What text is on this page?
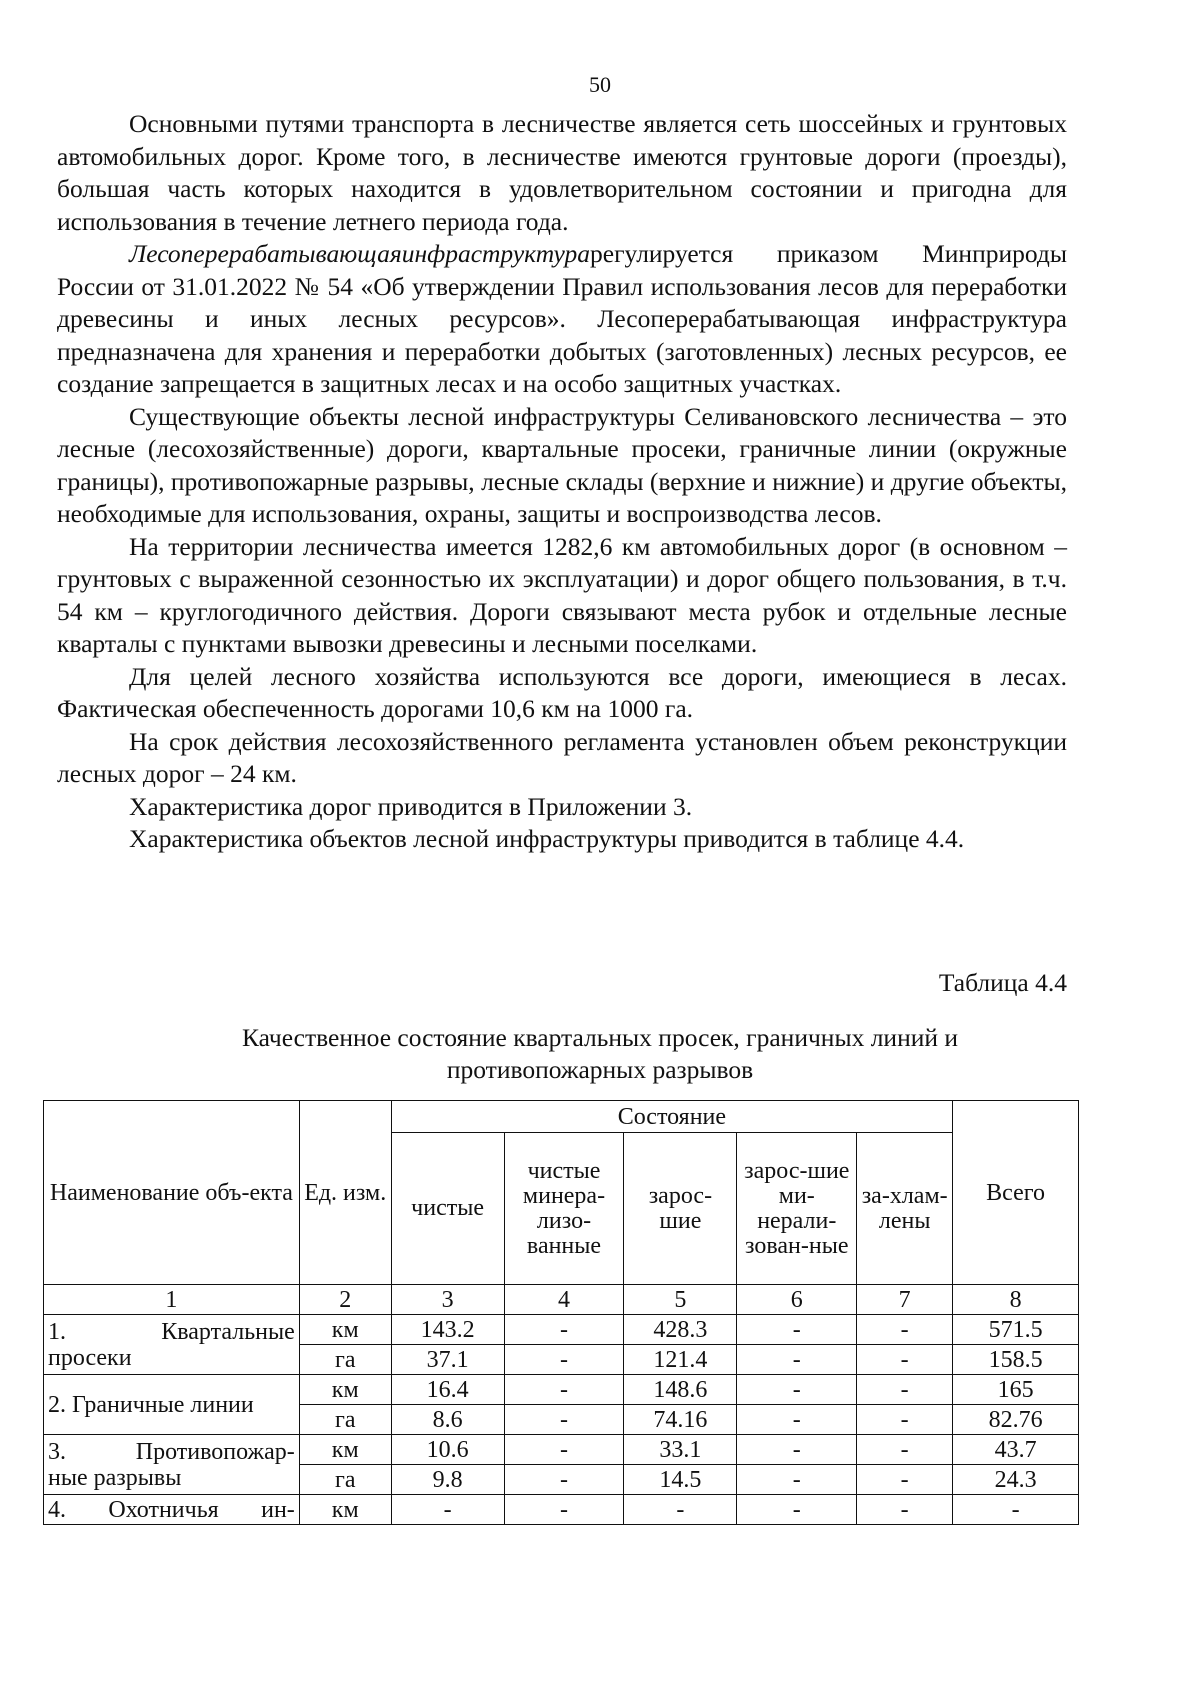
50

Основными путями транспорта в лесничестве является сеть шоссейных и грунтовых автомобильных дорог. Кроме того, в лесничестве имеются грунтовые дороги (проезды), большая часть которых находится в удовлетворительном состоянии и пригодна для использования в течение летнего периода года.

Лесоперерабатывающаяинфраструктурарегулируется приказом Минприроды России от 31.01.2022 № 54 «Об утверждении Правил использования лесов для переработки древесины и иных лесных ресурсов». Лесоперерабатывающая инфраструктура предназначена для хранения и переработки добытых (заготовленных) лесных ресурсов, ее создание запрещается в защитных лесах и на особо защитных участках.

Существующие объекты лесной инфраструктуры Селивановского лесничества – это лесные (лесохозяйственные) дороги, квартальные просеки, граничные линии (окружные границы), противопожарные разрывы, лесные склады (верхние и нижние) и другие объекты, необходимые для использования, охраны, защиты и воспроизводства лесов.

На территории лесничества имеется 1282,6 км автомобильных дорог (в основном – грунтовых с выраженной сезонностью их эксплуатации) и дорог общего пользования, в т.ч. 54 км – круглогодичного действия. Дороги связывают места рубок и отдельные лесные кварталы с пунктами вывозки древесины и лесными поселками.

Для целей лесного хозяйства используются все дороги, имеющиеся в лесах. Фактическая обеспеченность дорогами 10,6 км на 1000 га.

На срок действия лесохозяйственного регламента установлен объем реконструкции лесных дорог – 24 км.

Характеристика дорог приводится в Приложении 3.

Характеристика объектов лесной инфраструктуры приводится в таблице 4.4.

Таблица 4.4
Качественное состояние квартальных просек, граничных линий и
противопожарных разрывов
Наименование объ-екта	Ед. изм.	Состояние					Всего
		чистые	чистые минера-лизо-ванные	зарос-шие	зарос-шие ми-нерали-зован-ные	за-хлам-лены	
1	2	3	4	5	6	7	8

1. Квартальные
просеки	км	143.2	-	428.3	-	-	571.5
	га	37.1	-	121.4	-	-	158.5
2. Граничные линии	км	16.4	-	148.6	-	-	165
	га	8.6	-	74.16	-	-	82.76

3. Противопожар-
ные разрывы	км	10.6	-	33.1	-	-	43.7
	га	9.8	-	14.5	-	-	24.3

4. Охотничья ин-	км	-	-	-	-	-	-
